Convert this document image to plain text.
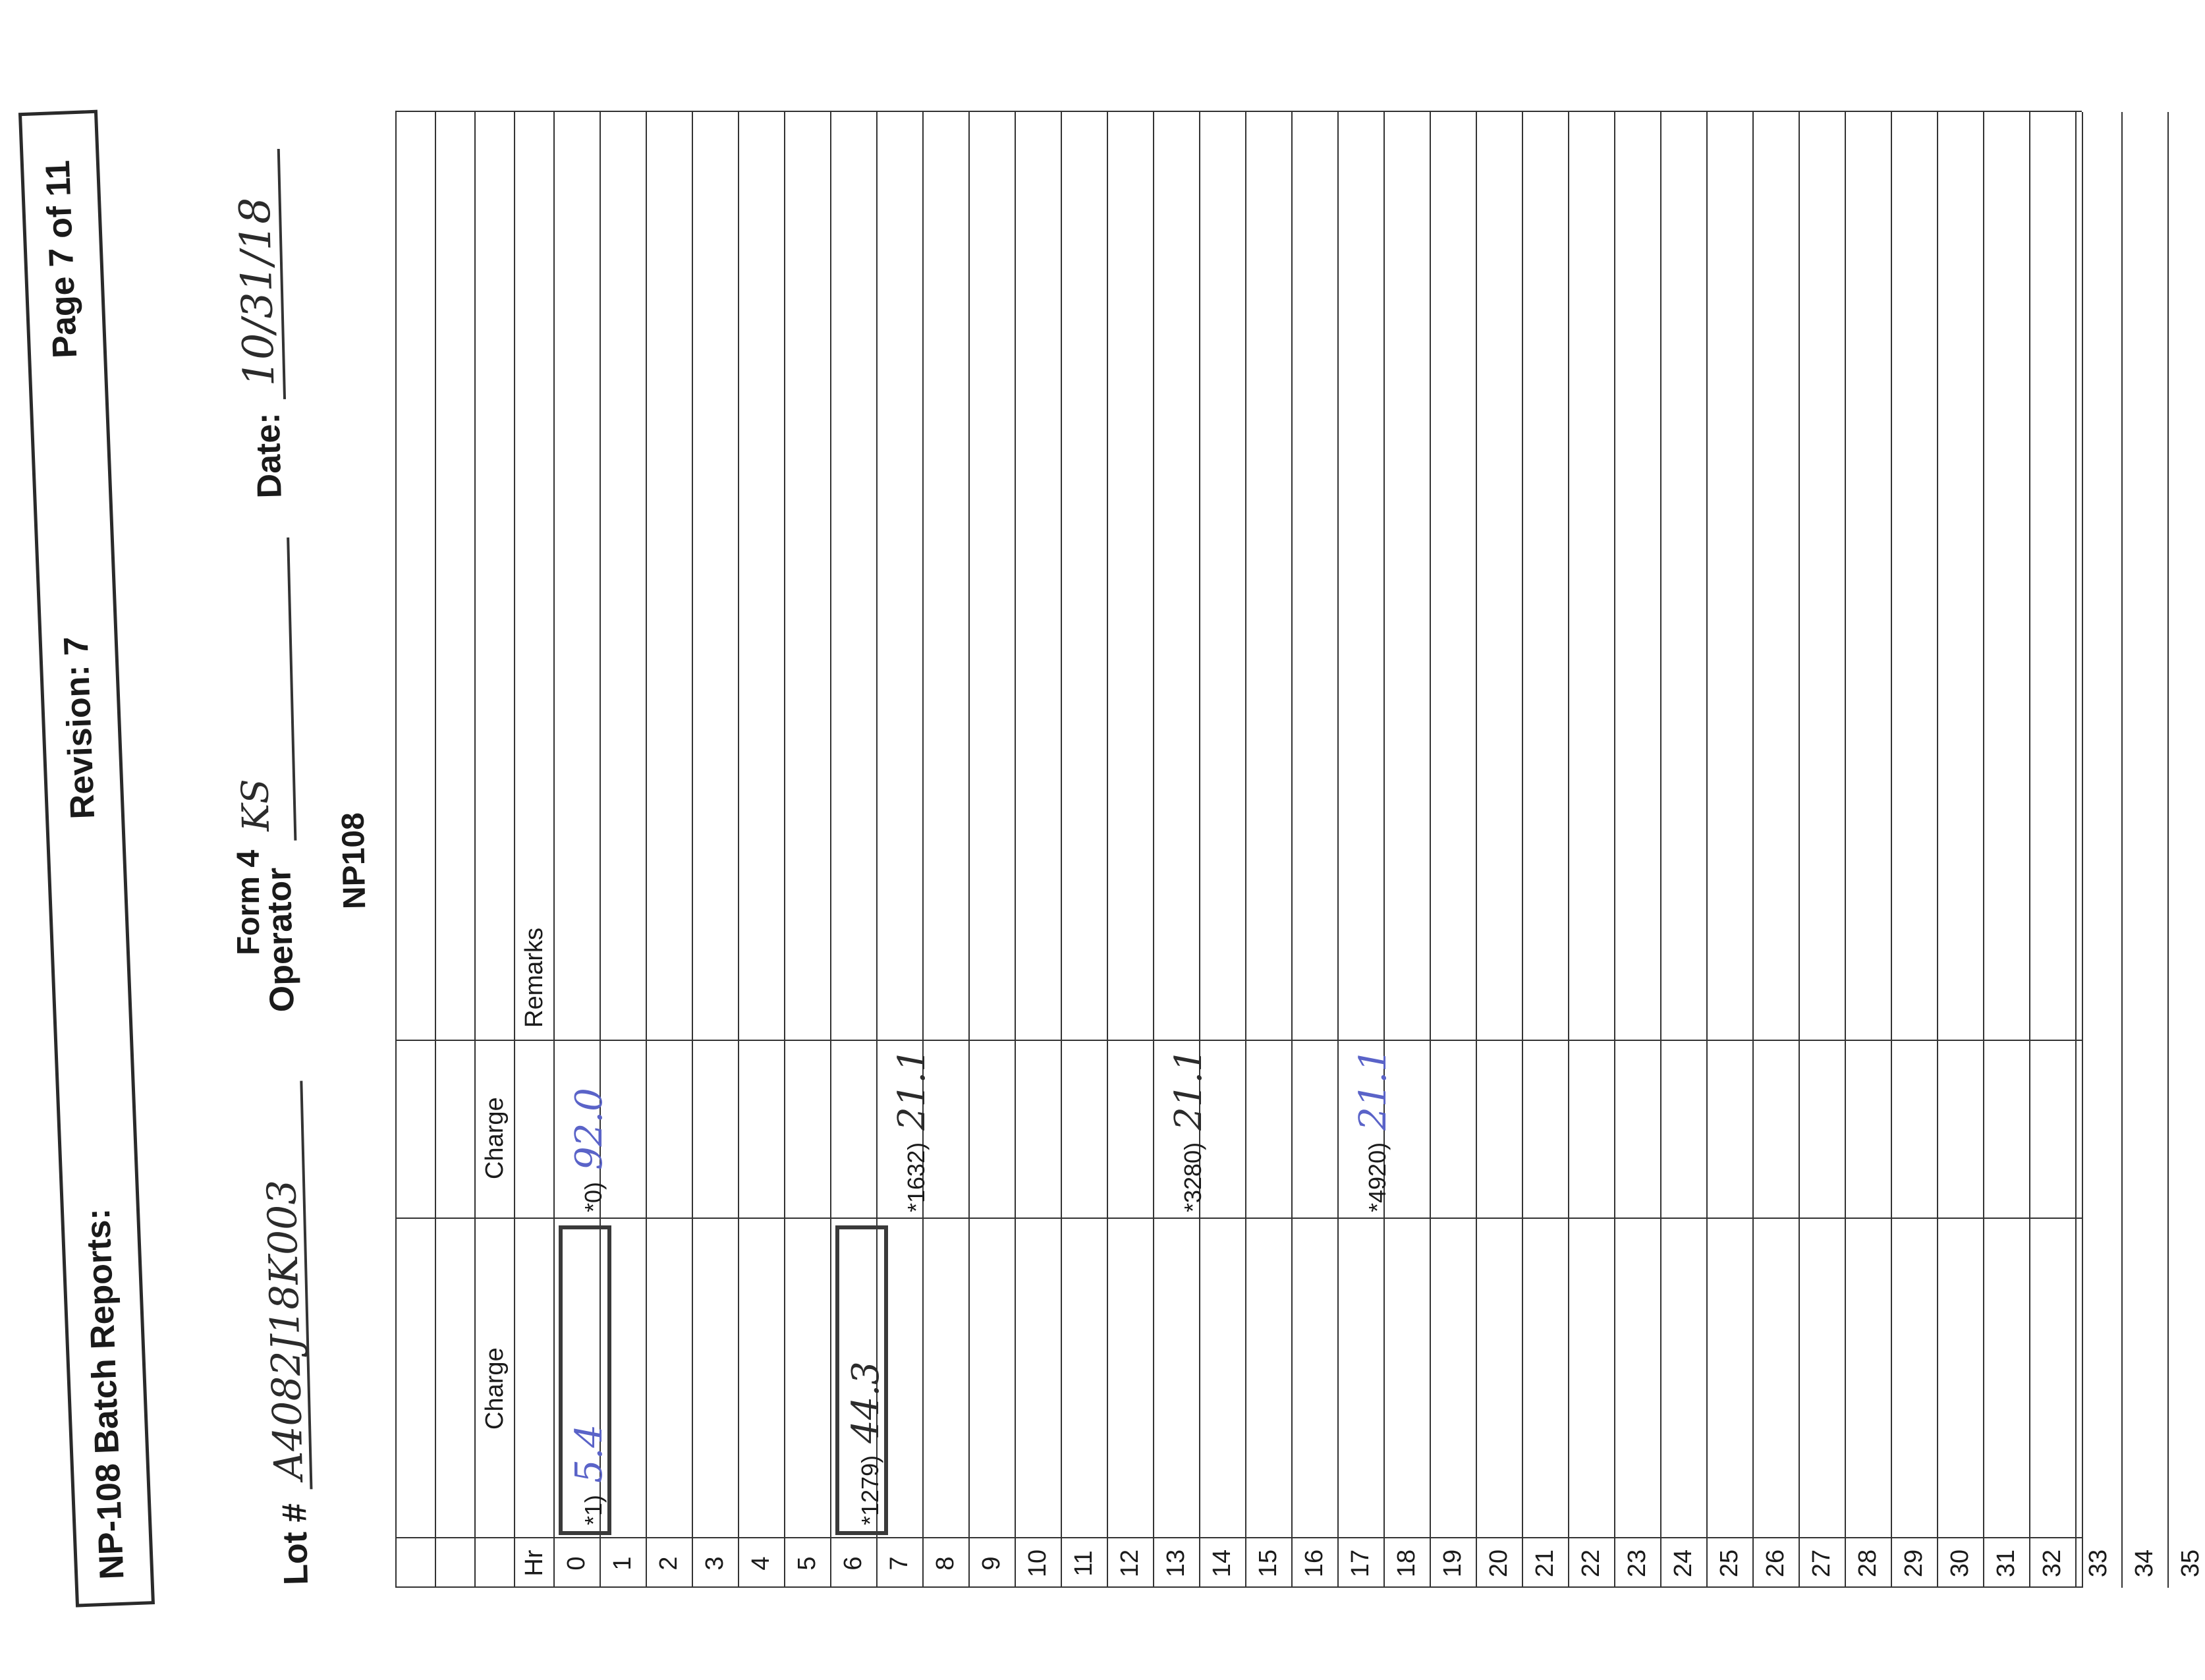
NP-108 Batch Reports:
Revision: 7
Page 7 of 11
Form 4
Lot #
A4082J18K003
Operator
KS
Date:
10/31/18
NP108
Charge
Charge
Hr
Remarks
0 1 2 3 4 5 6 7 8 9 10 11 12 13 14 15 16 17 18 19 20 21 22 23 24 25 26 27 28 29 30 31 32 33 34 35
*1)5.4
*0)92.0
*1279)44.3
*1632)21.1
*3280)21.1
*4920)21.1
